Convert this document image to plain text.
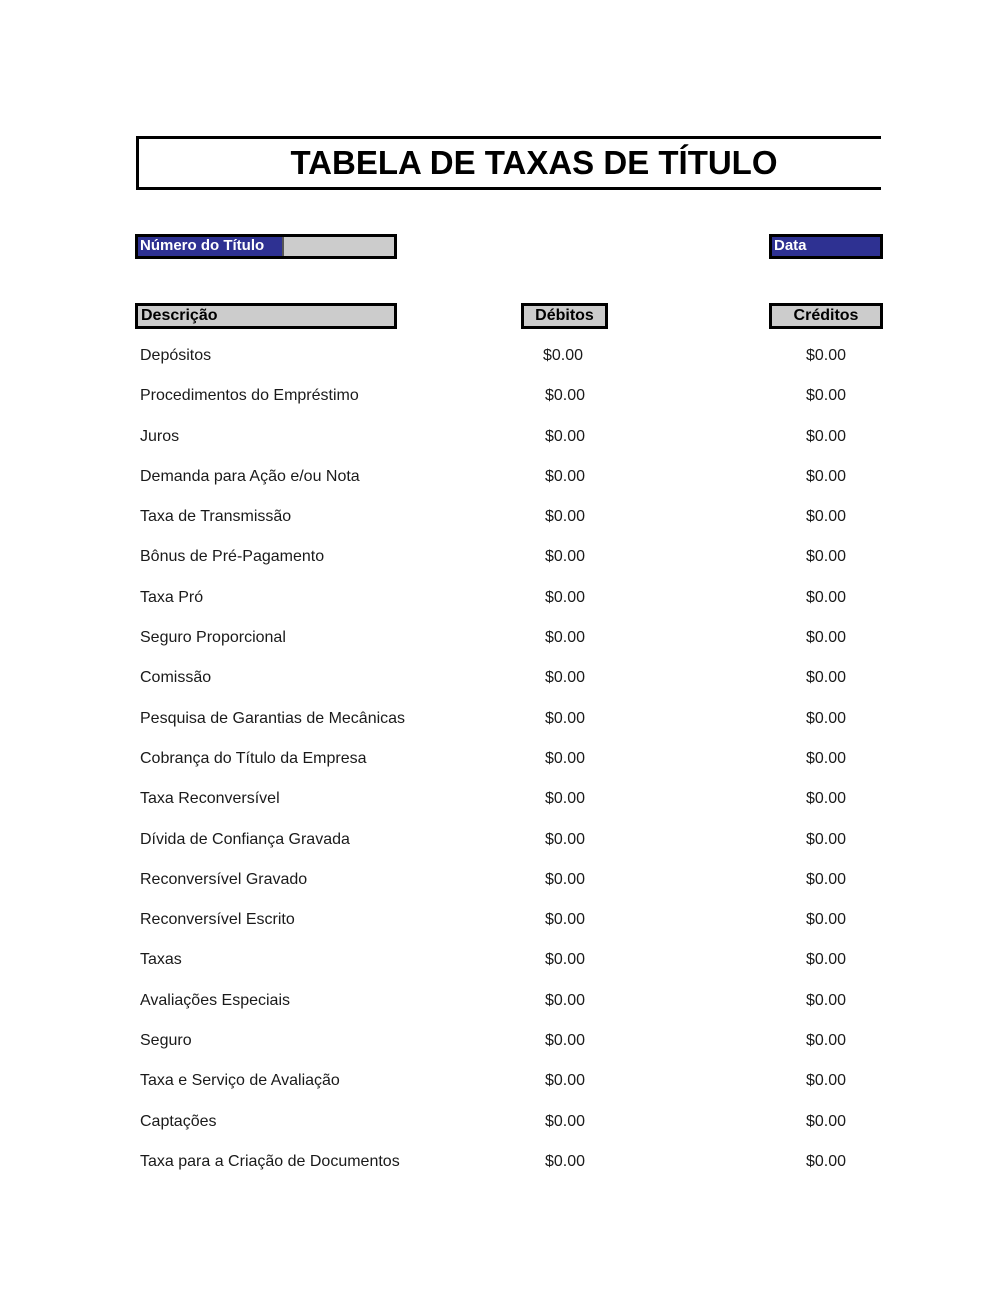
TABELA DE TAXAS DE TÍTULO
Número do Título	Data
Descrição	Débitos	Créditos
Depósitos	$0.00	$0.00
Procedimentos do Empréstimo	$0.00	$0.00
Juros	$0.00	$0.00
Demanda para Ação e/ou Nota	$0.00	$0.00
Taxa de Transmissão	$0.00	$0.00
Bônus de Pré-Pagamento	$0.00	$0.00
Taxa Pró	$0.00	$0.00
Seguro Proporcional	$0.00	$0.00
Comissão	$0.00	$0.00
Pesquisa de Garantias de Mecânicas	$0.00	$0.00
Cobrança do Título da Empresa	$0.00	$0.00
Taxa Reconversível	$0.00	$0.00
Dívida de Confiança Gravada	$0.00	$0.00
Reconversível Gravado	$0.00	$0.00
Reconversível Escrito	$0.00	$0.00
Taxas	$0.00	$0.00
Avaliações Especiais	$0.00	$0.00
Seguro	$0.00	$0.00
Taxa e Serviço de Avaliação	$0.00	$0.00
Captações	$0.00	$0.00
Taxa para a Criação de Documentos	$0.00	$0.00
